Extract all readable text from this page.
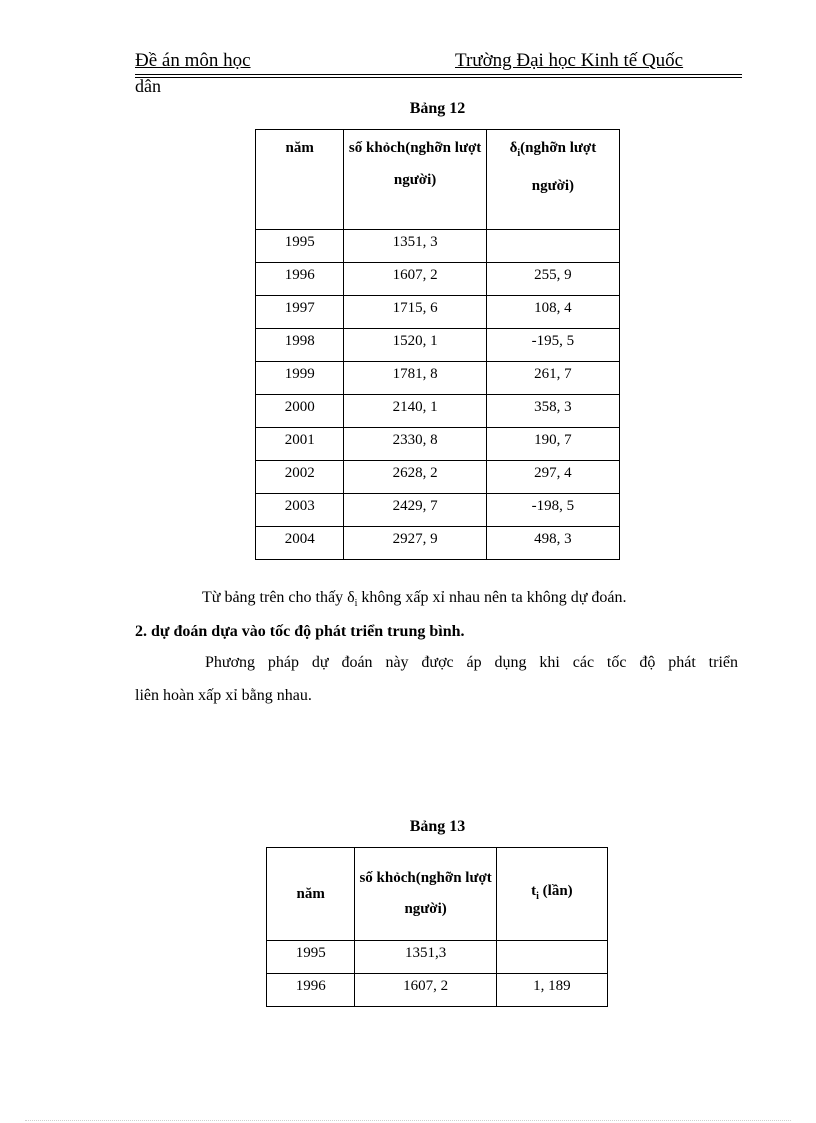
Đề án môn học	Trường Đại học Kinh tế Quốc
dân
Bảng 12
năm	số khỏch(nghỡn lượt người)	$\delta_i(nghỡn$ lượt người)
1995	1351, 3	
1996	1607, 2	255, 9
1997	1715, 6	108, 4
1998	1520, 1	-195, 5
1999	1781, 8	261, 7
2000	2140, 1	358, 3
2001	2330, 8	190, 7
2002	2628, 2	297, 4
2003	2429, 7	-198, 5
2004	2927, 9	498, 3
Từ bảng trên cho thấy $\delta_i$ không xấp xỉ nhau nên ta không dự đoán.
2. dự đoán dựa vào tốc độ phát triển trung bình.
Phương pháp dự đoán này được áp dụng khi các tốc độ phát triển
liên hoàn xấp xỉ bằng nhau.
Bảng 13
năm	số khỏch(nghỡn lượt người)	$t_i$ (lần)
1995	1351,3	
1996	1607, 2	1, 189
